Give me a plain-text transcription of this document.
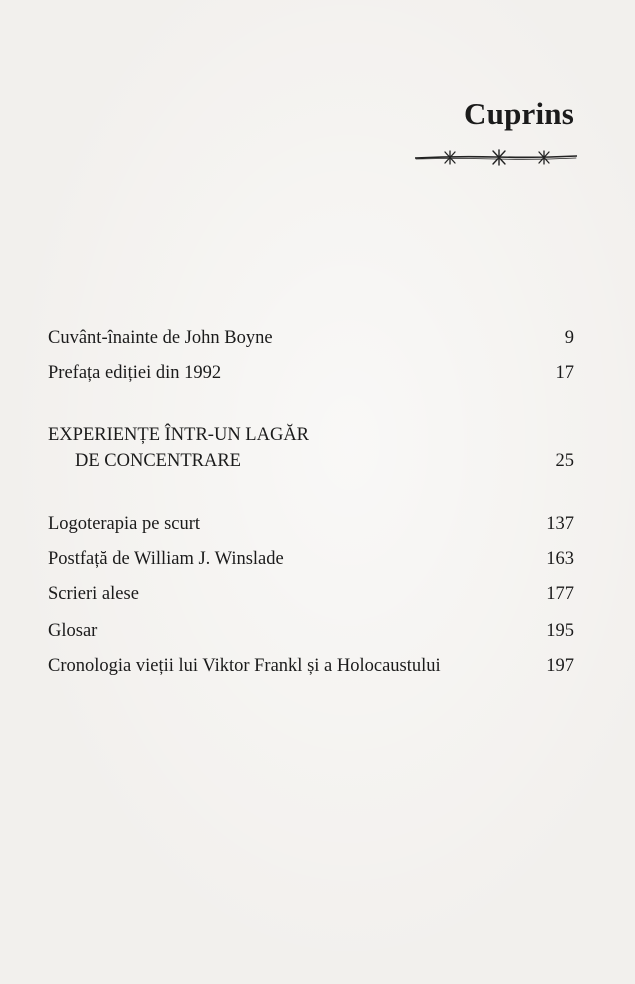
Cuprins
Cuvânt-înainte de John Boyne	9
Prefața ediției din 1992	17
EXPERIENȚE ÎNTR-UN LAGĂR
DE CONCENTRARE	25
Logoterapia pe scurt	137
Postfață de William J. Winslade	163
Scrieri alese	177
Glosar	195
Cronologia vieții lui Viktor Frankl și a Holocaustului	197
